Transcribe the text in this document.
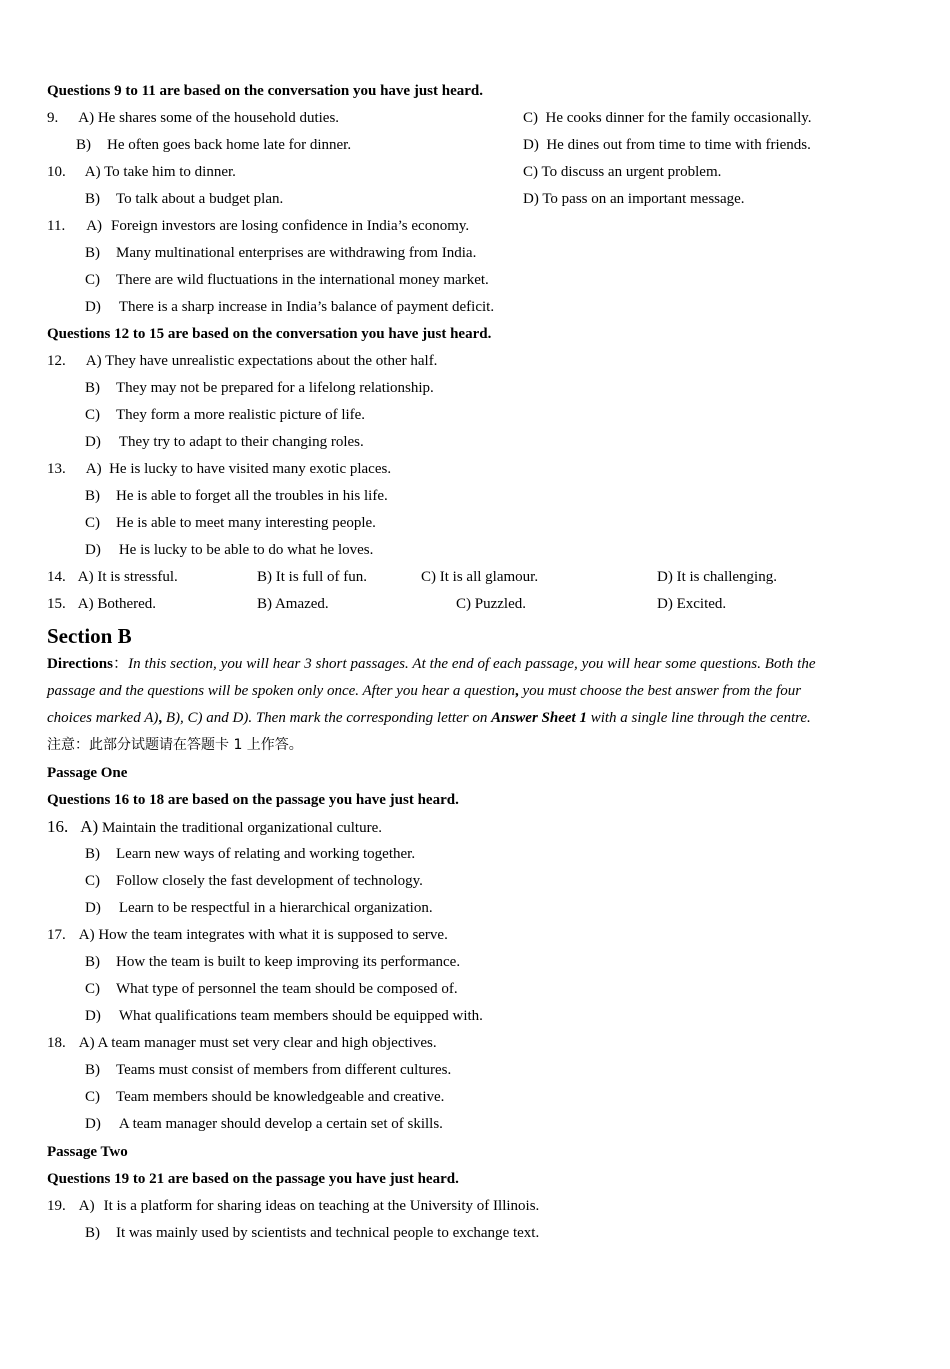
Questions 9 to 11 are based on the conversation you have just heard.
9. A) He shares some of the household duties.
B) He often goes back home late for dinner.
C) He cooks dinner for the family occasionally.
D) He dines out from time to time with friends.
10. A) To take him to dinner.
B) To talk about a budget plan.
C) To discuss an urgent problem.
D) To pass on an important message.
11. A) Foreign investors are losing confidence in India’s economy.
B) Many multinational enterprises are withdrawing from India.
C) There are wild fluctuations in the international money market.
D) There is a sharp increase in India’s balance of payment deficit.
Questions 12 to 15 are based on the conversation you have just heard.
12. A) They have unrealistic expectations about the other half.
B) They may not be prepared for a lifelong relationship.
C) They form a more realistic picture of life.
D) They try to adapt to their changing roles.
13. A) He is lucky to have visited many exotic places.
B) He is able to forget all the troubles in his life.
C) He is able to meet many interesting people.
D) He is lucky to be able to do what he loves.
14. A) It is stressful.	B) It is full of fun.	C) It is all glamour.	D) It is challenging.
15. A) Bothered.	B) Amazed.	C) Puzzled.	D) Excited.
Section B
Directions：In this section, you will hear 3 short passages. At the end of each passage, you will hear some questions. Both the
passage and the questions will be spoken only once. After you hear a question, you must choose the best answer from the four
choices marked A), B), C) and D). Then mark the corresponding letter on Answer Sheet 1 with a single line through the centre.
注意：此部分试题请在答题卡 1 上作答。
Passage One
Questions 16 to 18 are based on the passage you have just heard.
16. A) Maintain the traditional organizational culture.
B) Learn new ways of relating and working together.
C) Follow closely the fast development of technology.
D) Learn to be respectful in a hierarchical organization.
17. A) How the team integrates with what it is supposed to serve.
B) How the team is built to keep improving its performance.
C) What type of personnel the team should be composed of.
D) What qualifications team members should be equipped with.
18. A) A team manager must set very clear and high objectives.
B) Teams must consist of members from different cultures.
C) Team members should be knowledgeable and creative.
D) A team manager should develop a certain set of skills.
Passage Two
Questions 19 to 21 are based on the passage you have just heard.
19. A) It is a platform for sharing ideas on teaching at the University of Illinois.
B) It was mainly used by scientists and technical people to exchange text.
